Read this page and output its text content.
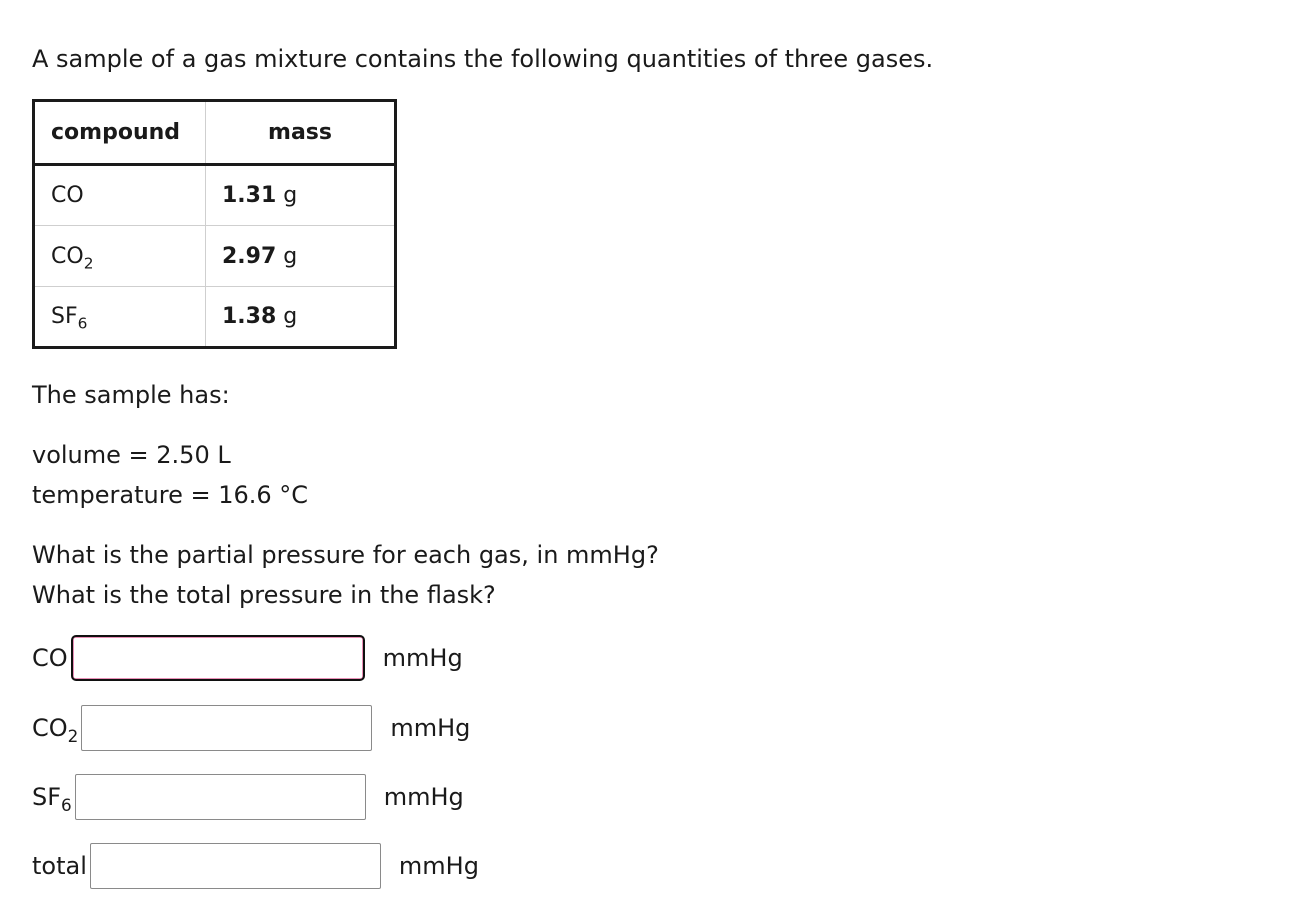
A sample of a gas mixture contains the following quantities of three gases.

compound	mass
CO	1.31 g
$CO_2$	2.97 g
$SF_6$	1.38 g

The sample has:

volume = 2.50 L

temperature = 16.6 °C

What is the partial pressure for each gas, in mmHg?

What is the total pressure in the flask?

CO	mmHg
$CO_2$	mmHg
$SF_6$	mmHg
total	mmHg
